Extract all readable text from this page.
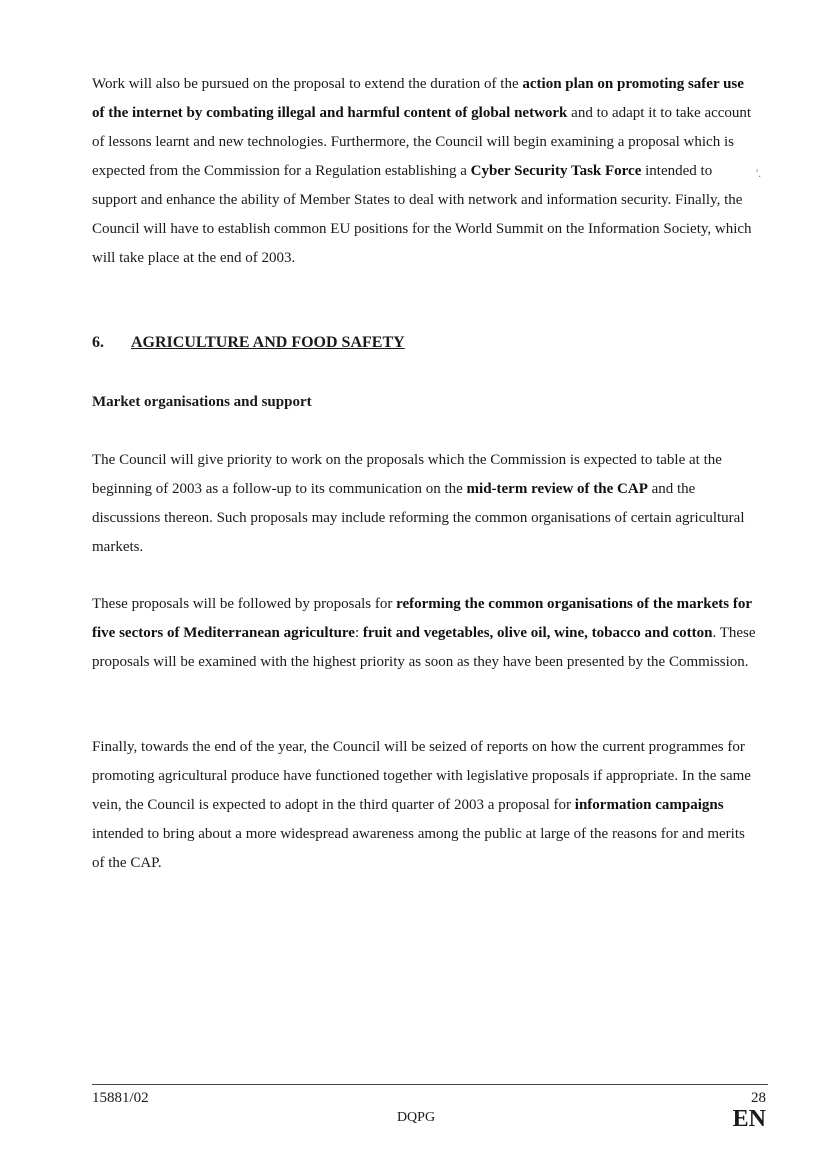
Work will also be pursued on the proposal to extend the duration of the action plan on promoting safer use of the internet by combating illegal and harmful content of global network and to adapt it to take account of lessons learnt and new technologies. Furthermore, the Council will begin examining a proposal which is expected from the Commission for a Regulation establishing a Cyber Security Task Force intended to support and enhance the ability of Member States to deal with network and information security. Finally, the Council will have to establish common EU positions for the World Summit on the Information Society, which will take place at the end of 2003.

'.
6. AGRICULTURE AND FOOD SAFETY
Market organisations and support

The Council will give priority to work on the proposals which the Commission is expected to table at the beginning of 2003 as a follow-up to its communication on the mid-term review of the CAP and the discussions thereon. Such proposals may include reforming the common organisations of certain agricultural markets.

These proposals will be followed by proposals for reforming the common organisations of the markets for five sectors of Mediterranean agriculture: fruit and vegetables, olive oil, wine, tobacco and cotton. These proposals will be examined with the highest priority as soon as they have been presented by the Commission.

Finally, towards the end of the year, the Council will be seized of reports on how the current programmes for promoting agricultural produce have functioned together with legislative proposals if appropriate. In the same vein, the Council is expected to adopt in the third quarter of 2003 a proposal for information campaigns intended to bring about a more widespread awareness among the public at large of the reasons for and merits of the CAP.

15881/02
DQPG
28
EN
